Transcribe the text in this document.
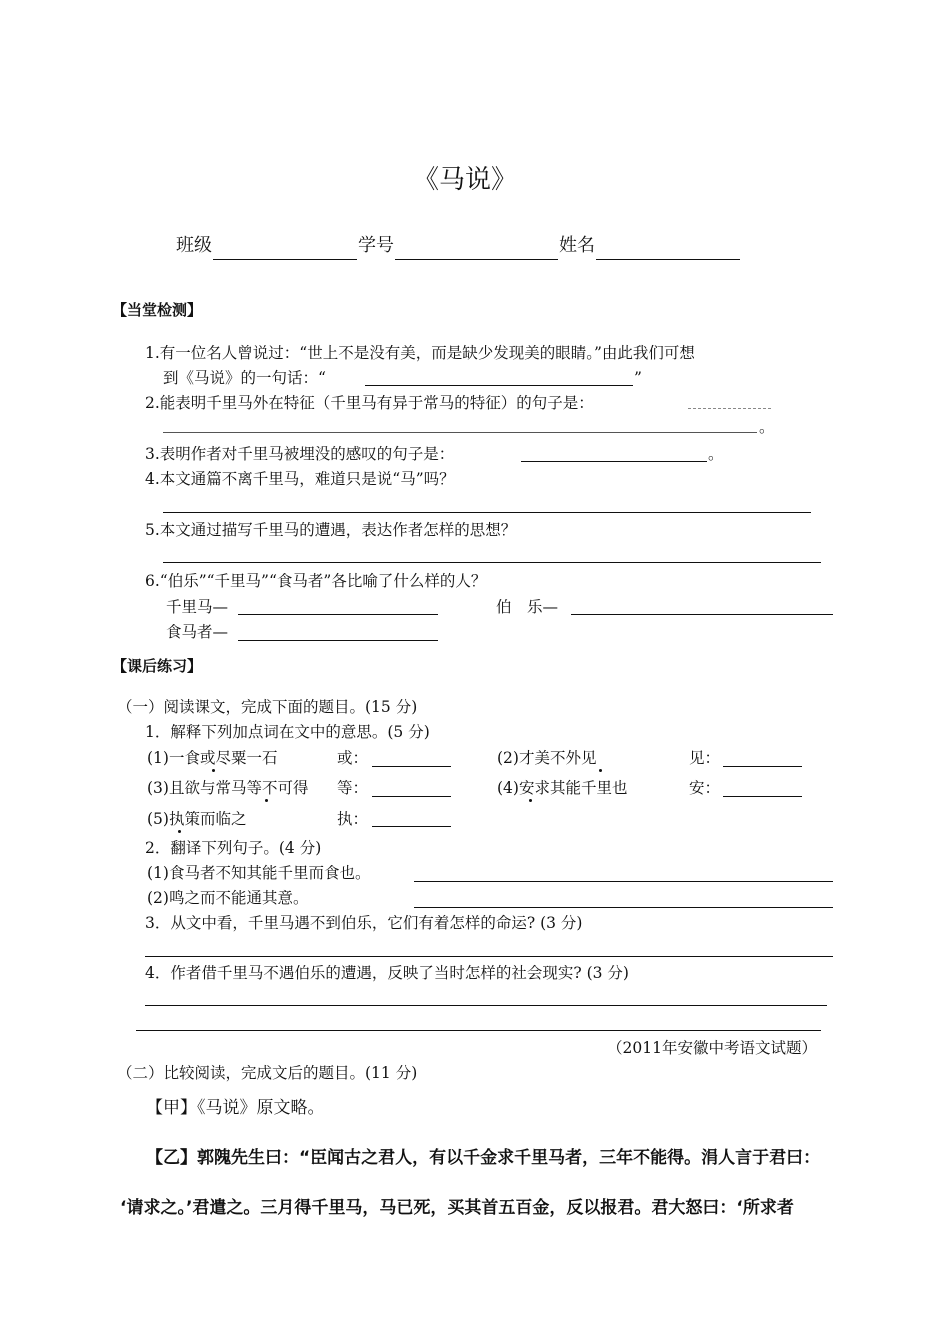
《马说》
班级	学号	姓名
【当堂检测】
1.有一位名人曾说过：“世上不是没有美，而是缺少发现美的眼睛。”由此我们可想
到《马说》的一句话：“	”
2.能表明千里马外在特征（千里马有异于常马的特征）的句子是：
。
3.表明作者对千里马被埋没的感叹的句子是：	。
4.本文通篇不离千里马，难道只是说“马”吗？
5.本文通过描写千里马的遭遇，表达作者怎样的思想？
6.“伯乐”“千里马”“食马者”各比喻了什么样的人？
千里马—	伯　乐—
食马者—
【课后练习】
（一）阅读课文，完成下面的题目。(15 分)
1．解释下列加点词在文中的意思。(5 分)
(1)一食或尽粟一石	或：	(2)才美不外见	见：
(3)且欲与常马等不可得 等：	(4)安求其能千里也	安：
(5)执策而临之	执：
2．翻译下列句子。(4 分)
(1)食马者不知其能千里而食也。
(2)鸣之而不能通其意。
3．从文中看，千里马遇不到伯乐，它们有着怎样的命运? (3 分)
4．作者借千里马不遇伯乐的遭遇，反映了当时怎样的社会现实? (3 分)
（2011年安徽中考语文试题）
（二）比较阅读，完成文后的题目。(11 分)
【甲】《马说》原文略。
【乙】郭隗先生曰：“臣闻古之君人，有以千金求千里马者，三年不能得。涓人言于君曰：
‘请求之。’君遣之。三月得千里马，马已死，买其首五百金，反以报君。君大怒曰：‘所求者
